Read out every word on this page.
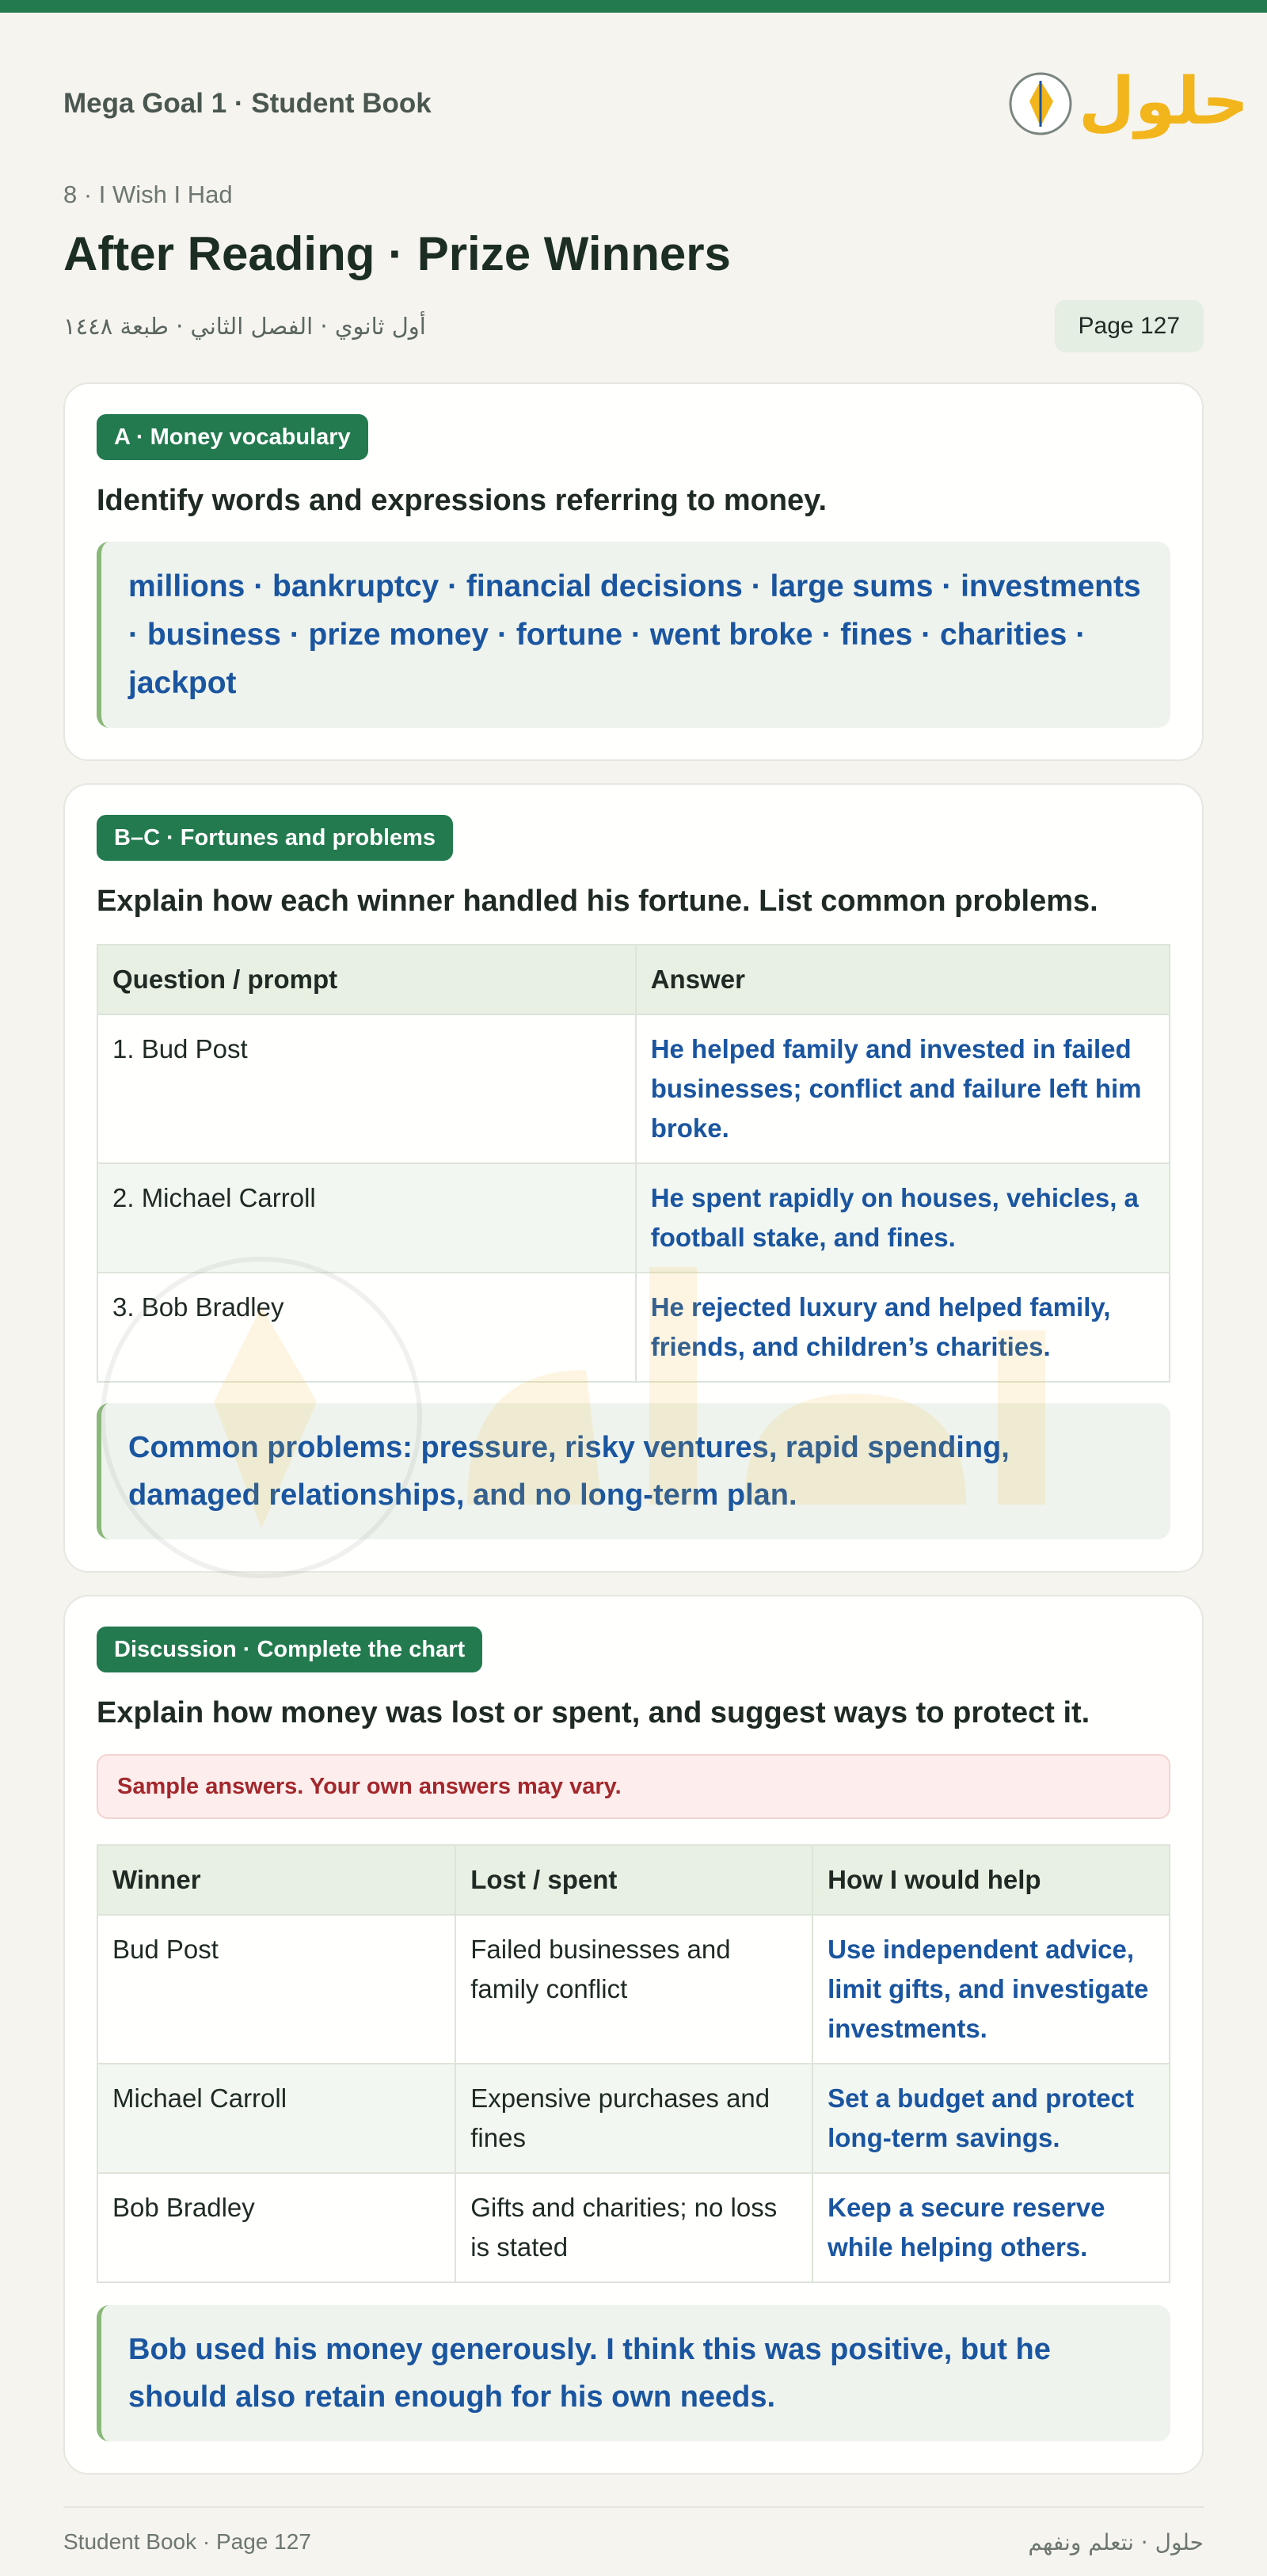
Mega Goal 1 · Student Book	حلول
8 · I Wish I Had
After Reading · Prize Winners
أول ثانوي · الفصل الثاني · طبعة ١٤٤٨	Page 127
A · Money vocabulary
Identify words and expressions referring to money.
millions · bankruptcy · financial decisions · large sums · investments · business · prize money · fortune · went broke · fines · charities · jackpot
B–C · Fortunes and problems
Explain how each winner handled his fortune. List common problems.
Question / prompt	Answer
1. Bud Post	He helped family and invested in failed businesses; conflict and failure left him broke.
2. Michael Carroll	He spent rapidly on houses, vehicles, a football stake, and fines.
3. Bob Bradley	He rejected luxury and helped family, friends, and children’s charities.
Common problems: pressure, risky ventures, rapid spending, damaged relationships, and no long-term plan.
Discussion · Complete the chart
Explain how money was lost or spent, and suggest ways to protect it.
Sample answers. Your own answers may vary.
Winner	Lost / spent	How I would help
Bud Post	Failed businesses and family conflict	Use independent advice, limit gifts, and investigate investments.
Michael Carroll	Expensive purchases and fines	Set a budget and protect long-term savings.
Bob Bradley	Gifts and charities; no loss is stated	Keep a secure reserve while helping others.
Bob used his money generously. I think this was positive, but he should also retain enough for his own needs.
Student Book · Page 127	حلول · نتعلم ونفهم
